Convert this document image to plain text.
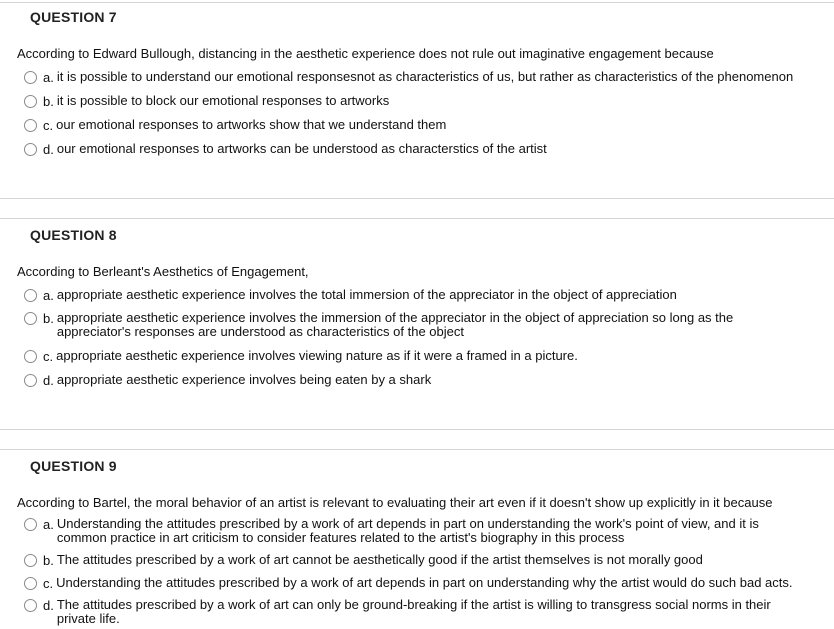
QUESTION 7
According to Edward Bullough, distancing in the aesthetic experience does not rule out imaginative engagement because
a. it is possible to understand our emotional responsesnot as characteristics of us, but rather as characteristics of the phenomenon
b. it is possible to block our emotional responses to artworks
c. our emotional responses to artworks show that we understand them
d. our emotional responses to artworks can be understood as characterstics of the artist
QUESTION 8
According to Berleant's Aesthetics of Engagement,
a. appropriate aesthetic experience involves the total immersion of the appreciator in the object of appreciation
b. appropriate aesthetic experience involves the immersion of the appreciator in the object of appreciation so long as the appreciator's responses are understood as characteristics of the object
c. appropriate aesthetic experience involves viewing nature as if it were a framed in a picture.
d. appropriate aesthetic experience involves being eaten by a shark
QUESTION 9
According to Bartel, the moral behavior of an artist is relevant to evaluating their art even if it doesn't show up explicitly in it because
a. Understanding the attitudes prescribed by a work of art depends in part on understanding the work's point of view, and it is common practice in art criticism to consider features related to the artist's biography in this process
b. The attitudes prescribed by a work of art cannot be aesthetically good if the artist themselves is not morally good
c. Understanding the attitudes prescribed by a work of art depends in part on understanding why the artist would do such bad acts.
d. The attitudes prescribed by a work of art can only be ground-breaking if the artist is willing to transgress social norms in their private life.
